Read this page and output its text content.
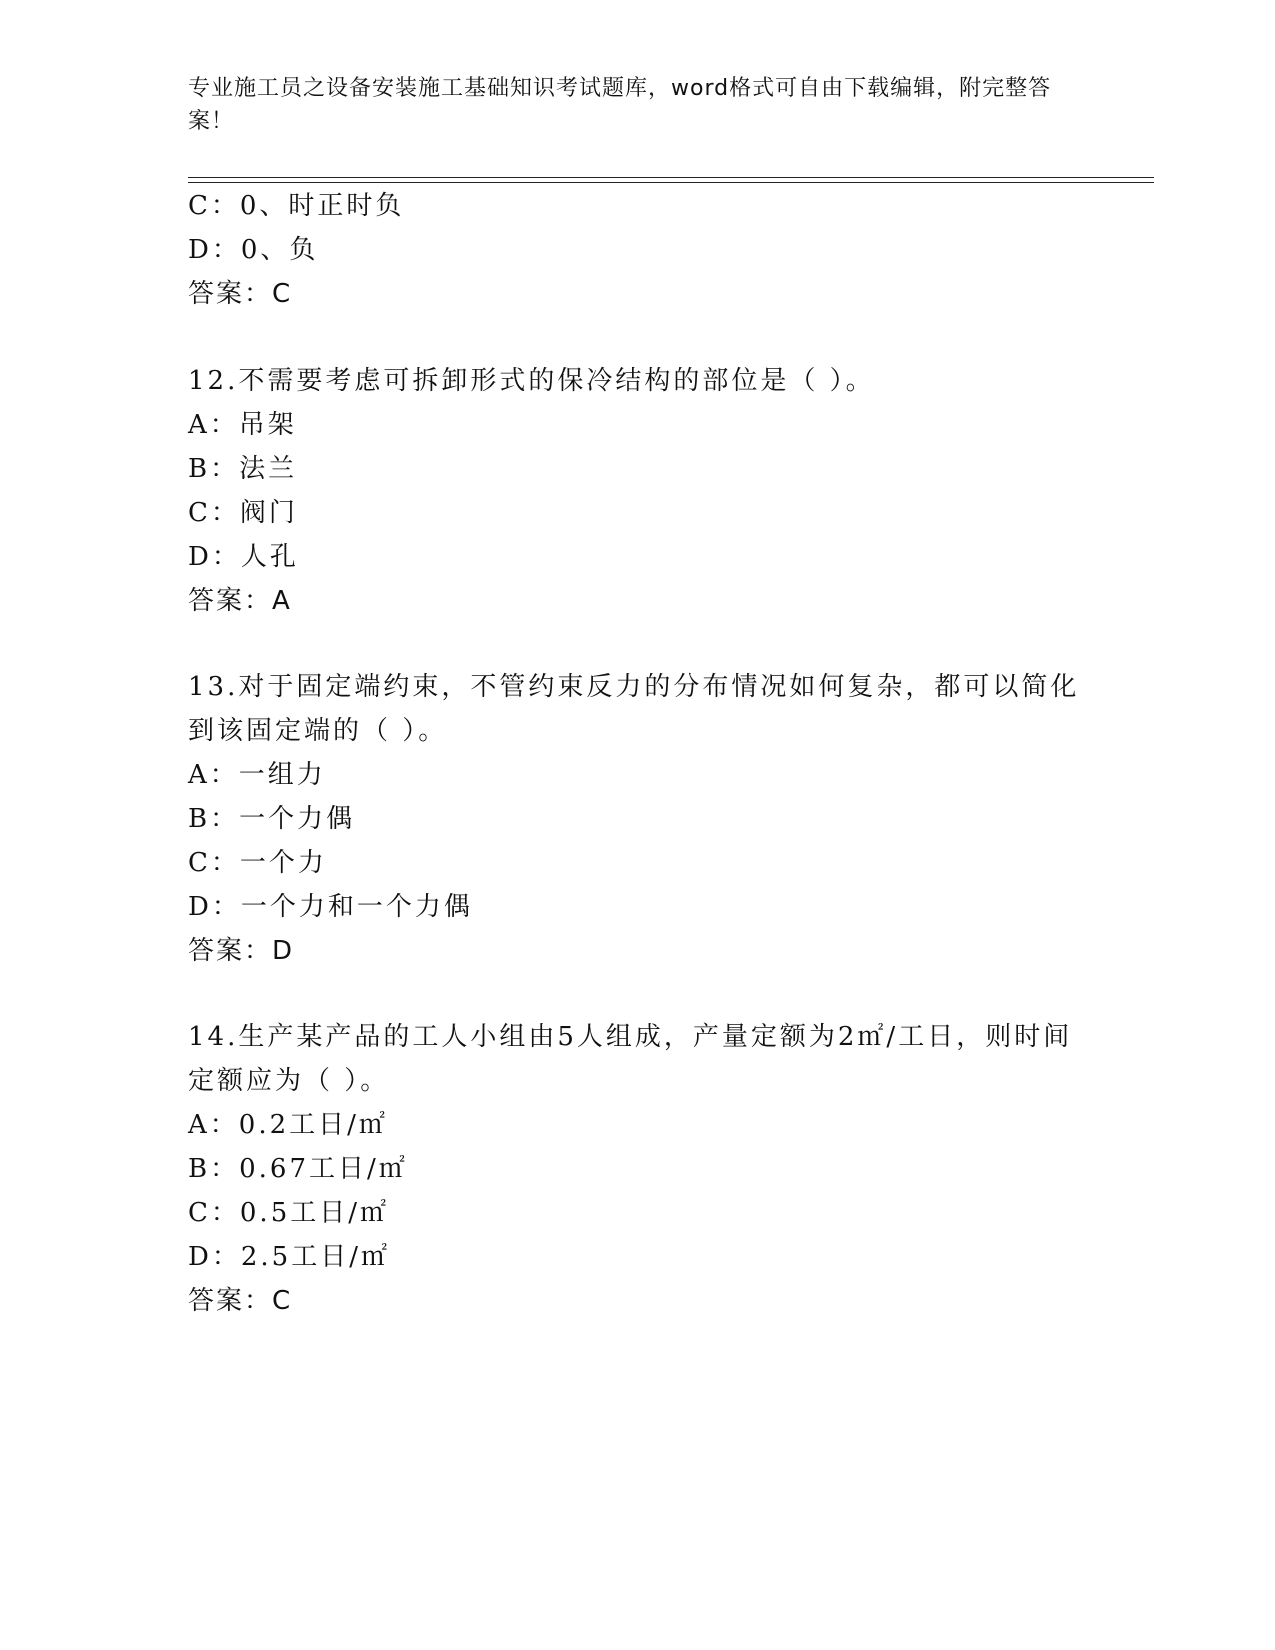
专业施工员之设备安装施工基础知识考试题库，word格式可自由下载编辑，附完整答案！
C：0、时正时负
D：0、负
答案：C
12.不需要考虑可拆卸形式的保冷结构的部位是（ ）。
A：吊架
B：法兰
C：阀门
D：人孔
答案：A
13.对于固定端约束，不管约束反力的分布情况如何复杂，都可以简化
到该固定端的（ ）。
A：一组力
B：一个力偶
C：一个力
D：一个力和一个力偶
答案：D
14.生产某产品的工人小组由5人组成，产量定额为2㎡/工日，则时间
定额应为（ ）。
A：0.2工日/㎡
B：0.67工日/㎡
C：0.5工日/㎡
D：2.5工日/㎡
答案：C
